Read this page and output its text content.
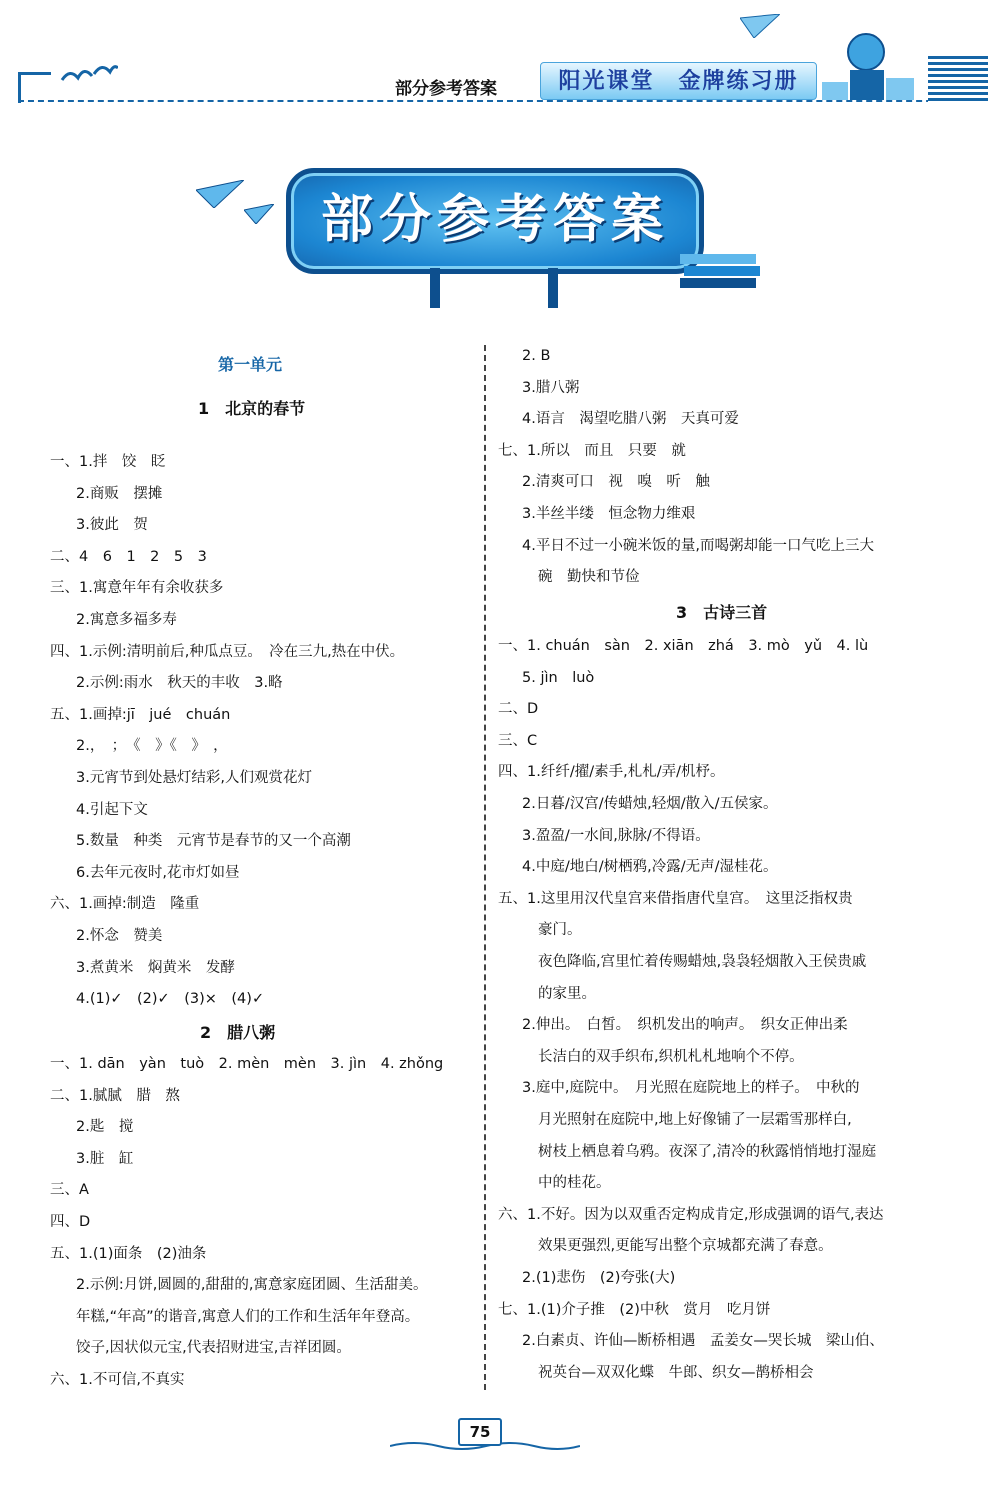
部分参考答案	阳光课堂　金牌练习册
部分参考答案
第一单元
1　北京的春节
一、1.拌　饺　眨
2.商贩　摆摊
3.彼此　贺
二、4　6　1　2　5　3
三、1.寓意年年有余收获多
2.寓意多福多寿
四、1.示例:清明前后,种瓜点豆。　冷在三九,热在中伏。
2.示例:雨水　秋天的丰收　3.略
五、1.画掉:jī　jué　chuán
2.，　；　《　》《　》　，
3.元宵节到处悬灯结彩,人们观赏花灯
4.引起下文
5.数量　种类　元宵节是春节的又一个高潮
6.去年元夜时,花市灯如昼
六、1.画掉:制造　隆重
2.怀念　赞美
3.煮黄米　焖黄米　发酵
4.(1)✓　(2)✓　(3)×　(4)✓
2　腊八粥
一、1. dān　yàn　tuò　2. mèn　mèn　3. jìn　4. zhǒng
二、1.腻腻　腊　熬
2.匙　搅
3.脏　缸
三、A
四、D
五、1.(1)面条　(2)油条
2.示例:月饼,圆圆的,甜甜的,寓意家庭团圆、生活甜美。
年糕,“年高”的谐音,寓意人们的工作和生活年年登高。
饺子,因状似元宝,代表招财进宝,吉祥团圆。
六、1.不可信,不真实
2. B
3.腊八粥
4.语言　渴望吃腊八粥　天真可爱
七、1.所以　而且　只要　就
2.清爽可口　视　嗅　听　触
3.半丝半缕　恒念物力维艰
4.平日不过一小碗米饭的量,而喝粥却能一口气吃上三大
碗　勤快和节俭
3　古诗三首
一、1. chuán　sàn　2. xiān　zhá　3. mò　yǔ　4. lù
5. jìn　luò
二、D
三、C
四、1.纤纤/擢/素手,札札/弄/机杼。
2.日暮/汉宫/传蜡烛,轻烟/散入/五侯家。
3.盈盈/一水间,脉脉/不得语。
4.中庭/地白/树栖鸦,冷露/无声/湿桂花。
五、1.这里用汉代皇宫来借指唐代皇宫。　这里泛指权贵
豪门。
夜色降临,宫里忙着传赐蜡烛,袅袅轻烟散入王侯贵戚
的家里。
2.伸出。　白皙。　织机发出的响声。　织女正伸出柔
长洁白的双手织布,织机札札地响个不停。
3.庭中,庭院中。　月光照在庭院地上的样子。　中秋的
月光照射在庭院中,地上好像铺了一层霜雪那样白,
树枝上栖息着乌鸦。夜深了,清冷的秋露悄悄地打湿庭
中的桂花。
六、1.不好。因为以双重否定构成肯定,形成强调的语气,表达
效果更强烈,更能写出整个京城都充满了春意。
2.(1)悲伤　(2)夸张(大)
七、1.(1)介子推　(2)中秋　赏月　吃月饼
2.白素贞、许仙—断桥相遇　孟姜女—哭长城　梁山伯、
祝英台—双双化蝶　牛郎、织女—鹊桥相会
75
